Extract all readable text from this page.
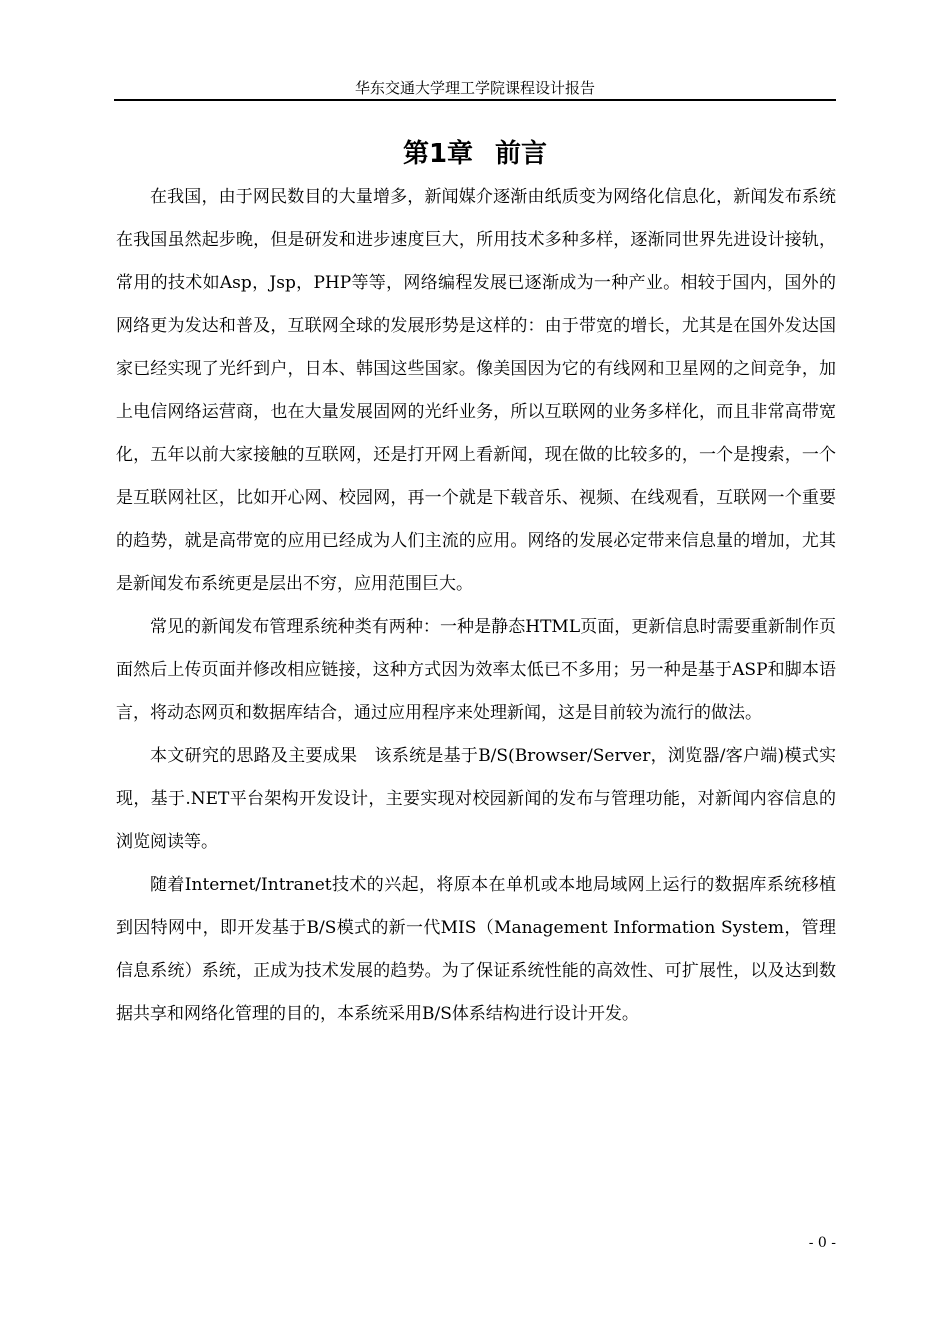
华东交通大学理工学院课程设计报告
第1章 前言

在我国，由于网民数目的大量增多，新闻媒介逐渐由纸质变为网络化信息化，新闻发布系统在我国虽然起步晚，但是研发和进步速度巨大，所用技术多种多样，逐渐同世界先进设计接轨，常用的技术如Asp，Jsp，PHP等等，网络编程发展已逐渐成为一种产业。相较于国内，国外的网络更为发达和普及，互联网全球的发展形势是这样的：由于带宽的增长，尤其是在国外发达国家已经实现了光纤到户，日本、韩国这些国家。像美国因为它的有线网和卫星网的之间竞争，加上电信网络运营商，也在大量发展固网的光纤业务，所以互联网的业务多样化，而且非常高带宽化，五年以前大家接触的互联网，还是打开网上看新闻，现在做的比较多的，一个是搜索，一个是互联网社区，比如开心网、校园网，再一个就是下载音乐、视频、在线观看，互联网一个重要的趋势，就是高带宽的应用已经成为人们主流的应用。网络的发展必定带来信息量的增加，尤其是新闻发布系统更是层出不穷，应用范围巨大。

常见的新闻发布管理系统种类有两种：一种是静态HTML页面，更新信息时需要重新制作页面然后上传页面并修改相应链接，这种方式因为效率太低已不多用；另一种是基于ASP和脚本语言，将动态网页和数据库结合，通过应用程序来处理新闻，这是目前较为流行的做法。

本文研究的思路及主要成果　该系统是基于B/S(Browser/Server，浏览器/客户端)模式实现，基于.NET平台架构开发设计，主要实现对校园新闻的发布与管理功能，对新闻内容信息的浏览阅读等。

随着Internet/Intranet技术的兴起，将原本在单机或本地局域网上运行的数据库系统移植到因特网中，即开发基于B/S模式的新一代MIS（Management Information System，管理信息系统）系统，正成为技术发展的趋势。为了保证系统性能的高效性、可扩展性，以及达到数据共享和网络化管理的目的，本系统采用B/S体系结构进行设计开发。

- 0 -
